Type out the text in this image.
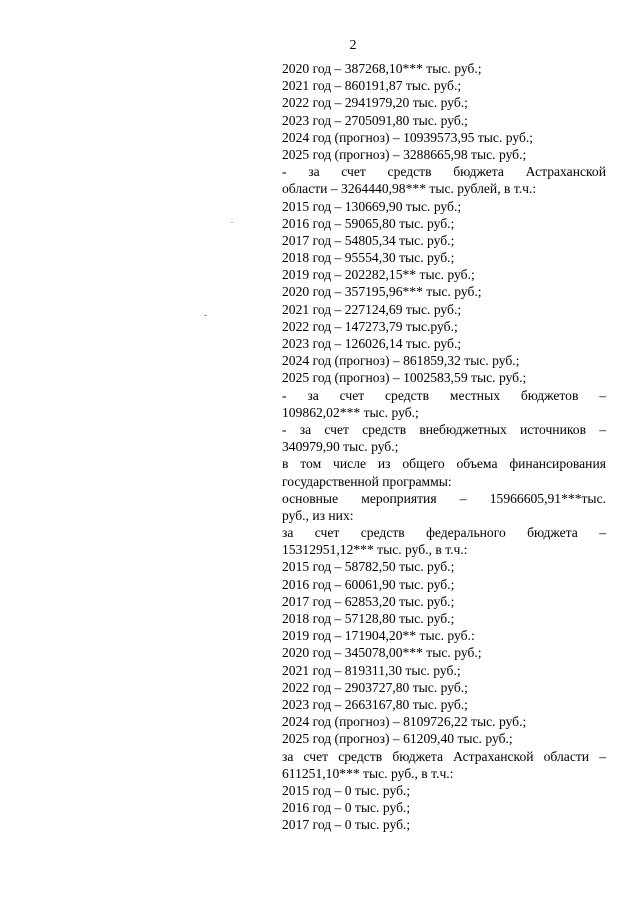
2
2020 год – 387268,10*** тыс. руб.;
2021 год – 860191,87 тыс. руб.;
2022 год – 2941979,20 тыс. руб.;
2023 год – 2705091,80 тыс. руб.;
2024 год (прогноз) – 10939573,95 тыс. руб.;
2025 год (прогноз) – 3288665,98 тыс. руб.;
- за счет средств бюджета Астраханской
области – 3264440,98*** тыс. рублей, в т.ч.:
2015 год – 130669,90 тыс. руб.;
2016 год – 59065,80 тыс. руб.;
2017 год – 54805,34 тыс. руб.;
2018 год – 95554,30 тыс. руб.;
2019 год – 202282,15** тыс. руб.;
2020 год – 357195,96*** тыс. руб.;
2021 год – 227124,69 тыс. руб.;
2022 год – 147273,79 тыс.руб.;
2023 год – 126026,14 тыс. руб.;
2024 год (прогноз) – 861859,32 тыс. руб.;
2025 год (прогноз) – 1002583,59 тыс. руб.;
- за счет средств местных бюджетов –
109862,02*** тыс. руб.;
- за счет средств внебюджетных источников –
340979,90 тыс. руб.;
в том числе из общего объема финансирования
государственной программы:
основные мероприятия – 15966605,91***тыс.
руб., из них:
за счет средств федерального бюджета –
15312951,12*** тыс. руб., в т.ч.:
2015 год – 58782,50 тыс. руб.;
2016 год – 60061,90 тыс. руб.;
2017 год – 62853,20 тыс. руб.;
2018 год – 57128,80 тыс. руб.;
2019 год – 171904,20** тыс. руб.:
2020 год – 345078,00*** тыс. руб.;
2021 год – 819311,30 тыс. руб.;
2022 год – 2903727,80 тыс. руб.;
2023 год – 2663167,80 тыс. руб.;
2024 год (прогноз) – 8109726,22 тыс. руб.;
2025 год (прогноз) – 61209,40 тыс. руб.;
за счет средств бюджета Астраханской области –
611251,10*** тыс. руб., в т.ч.:
2015 год – 0 тыс. руб.;
2016 год – 0 тыс. руб.;
2017 год – 0 тыс. руб.;
